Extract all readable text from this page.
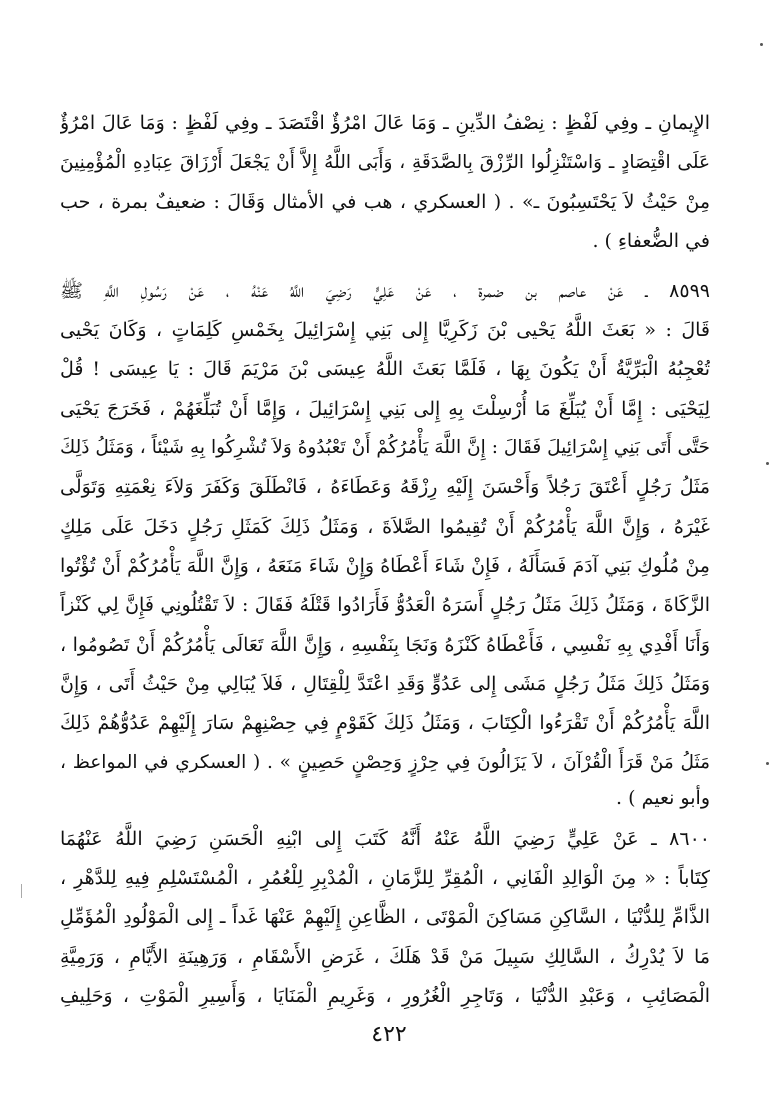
الإِيمانِ ـ وفِي لَفْظٍ : نِصْفُ الدِّينِ ـ وَمَا عَالَ امْرُؤٌ اقْتَصَدَ ـ وفِي لَفْظٍ : وَمَا عَالَ امْرُؤٌ
عَلَى اقْتِصَادٍ ـ وَاسْتَنْزِلُوا الرِّزْقَ بِالصَّدَقَةِ ، وَأَبَى اللَّهُ إِلاَّ أَنْ يَجْعَلَ أَرْزَاقَ عِبَادِهِ الْمُؤْمِنِينَ
مِنْ حَيْثُ لاَ يَحْتَسِبُونَ ـ» . ( العسكري ، هب في الأمثال وَقَالَ : ضعيفٌ بمرة ، حب
في الضُّعفاءِ ) .
٨٥٩٩ ـ عَنْ عاصم بن ضمرة ، عَنْ عَلِيٍّ رَضِيَ اللَّهُ عَنْهُ ، عَنْ رَسُولِ اللَّهِ ﷺ
قَالَ : « بَعَثَ اللَّهُ يَحْيى بْنَ زَكَرِيَّا إِلى بَنِي إِسْرَائِيلَ بِخَمْسِ كَلِمَاتٍ ، وَكَانَ يَحْيى
تُعْجِبُهُ الْبَرِّيَّةُ أَنْ يَكُونَ بِهَا ، فَلَمَّا بَعَثَ اللَّهُ عِيسَى بْنَ مَرْيَمَ قَالَ : يَا عِيسَى ! قُلْ
لِيَحْيَى : إِمَّا أَنْ يُبَلِّغَ مَا أُرْسِلْتَ بِهِ إِلى بَنِي إِسْرَائِيلَ ، وَإِمَّا أَنْ تُبَلِّغَهُمْ ، فَخَرَجَ يَحْيَى
حَتَّى أَتَى بَنِي إِسْرَائِيلَ فَقَالَ : إِنَّ اللَّهَ يَأْمُرُكُمْ أَنْ تَعْبُدُوهُ وَلاَ تُشْرِكُوا بِهِ شَيْئاً ، وَمَثَلُ ذَلِكَ
مَثَلُ رَجُلٍ أَعْتَقَ رَجُلاً وَأَحْسَنَ إِلَيْهِ رِزْقَهُ وَعَطَاءَهُ ، فَانْطَلَقَ وَكَفَرَ وَلاَءَ نِعْمَتِهِ وَتَوَلَّى
غَيْرَهُ ، وَإِنَّ اللَّهَ يَأْمُرُكُمْ أَنْ تُقِيمُوا الصَّلاَةَ ، وَمَثَلُ ذَلِكَ كَمَثَلِ رَجُلٍ دَخَلَ عَلَى مَلِكٍ
مِنْ مُلُوكِ بَنِي آدَمَ فَسَأَلَهُ ، فَإِنْ شَاءَ أَعْطَاهُ وَإِنْ شَاءَ مَنَعَهُ ، وَإِنَّ اللَّهَ يَأْمُرُكُمْ أَنْ تُؤْتُوا
الزَّكَاةَ ، وَمَثَلُ ذَلِكَ مَثَلُ رَجُلٍ أَسَرَهُ الْعَدُوُّ فَأَرَادُوا قَتْلَهُ فَقَالَ : لاَ تَقْتُلُونِي فَإِنَّ لِي كَنْزاً
وَأَنَا أَفْدِي بِهِ نَفْسِي ، فَأَعْطَاهُ كَنْزَهُ وَنَجَا بِنَفْسِهِ ، وَإِنَّ اللَّهَ تَعَالَى يَأْمُرُكُمْ أَنْ تَصُومُوا ،
وَمَثَلُ ذَلِكَ مَثَلُ رَجُلٍ مَشَى إِلى عَدُوٍّ وَقَدِ اعْتَدَّ لِلْقِتَالِ ، فَلاَ يُبَالِي مِنْ حَيْثُ أَتَى ، وَإِنَّ
اللَّهَ يَأْمُرُكُمْ أَنْ تَقْرَءُوا الْكِتَابَ ، وَمَثَلُ ذَلِكَ كَقَوْمٍ فِي حِصْنِهِمْ سَارَ إِلَيْهِمْ عَدُوُّهُمْ ذَلِكَ
مَثَلُ مَنْ قَرَأَ الْقُرْآنَ ، لاَ يَزَالُونَ فِي حِرْزٍ وَحِصْنٍ حَصِينٍ » . ( العسكري في المواعظ ،
وأبو نعيم ) .
٨٦٠٠ ـ عَنْ عَلِيٍّ رَضِيَ اللَّهُ عَنْهُ أَنَّهُ كَتَبَ إِلى ابْنِهِ الْحَسَنِ رَضِيَ اللَّهُ عَنْهُمَا
كِتَاباً : « مِنَ الْوَالِدِ الْفَانِي ، الْمُقِرِّ لِلزَّمَانِ ، الْمُدْبِرِ لِلْعُمُرِ ، الْمُسْتَسْلِمِ فِيهِ لِلدَّهْرِ ،
الذَّامِّ لِلدُّنْيَا ، السَّاكِنِ مَسَاكِنَ الْمَوْتَى ، الظَّاعِنِ إِلَيْهِمْ عَنْهَا غَداً ـ إِلى الْمَوْلُودِ الْمُؤَمِّلِ
مَا لاَ يُدْرِكُ ، السَّالِكِ سَبِيلَ مَنْ قَدْ هَلَكَ ، غَرَضِ الأَسْقَامِ ، وَرَهِينَةِ الأَيَّامِ ، وَرَمِيَّةِ
الْمَصَائِبِ ، وَعَبْدِ الدُّنْيَا ، وَتَاجِرِ الْغُرُورِ ، وَغَرِيمِ الْمَنَايَا ، وَأَسِيرِ الْمَوْتِ ، وَحَلِيفِ
٤٢٢
